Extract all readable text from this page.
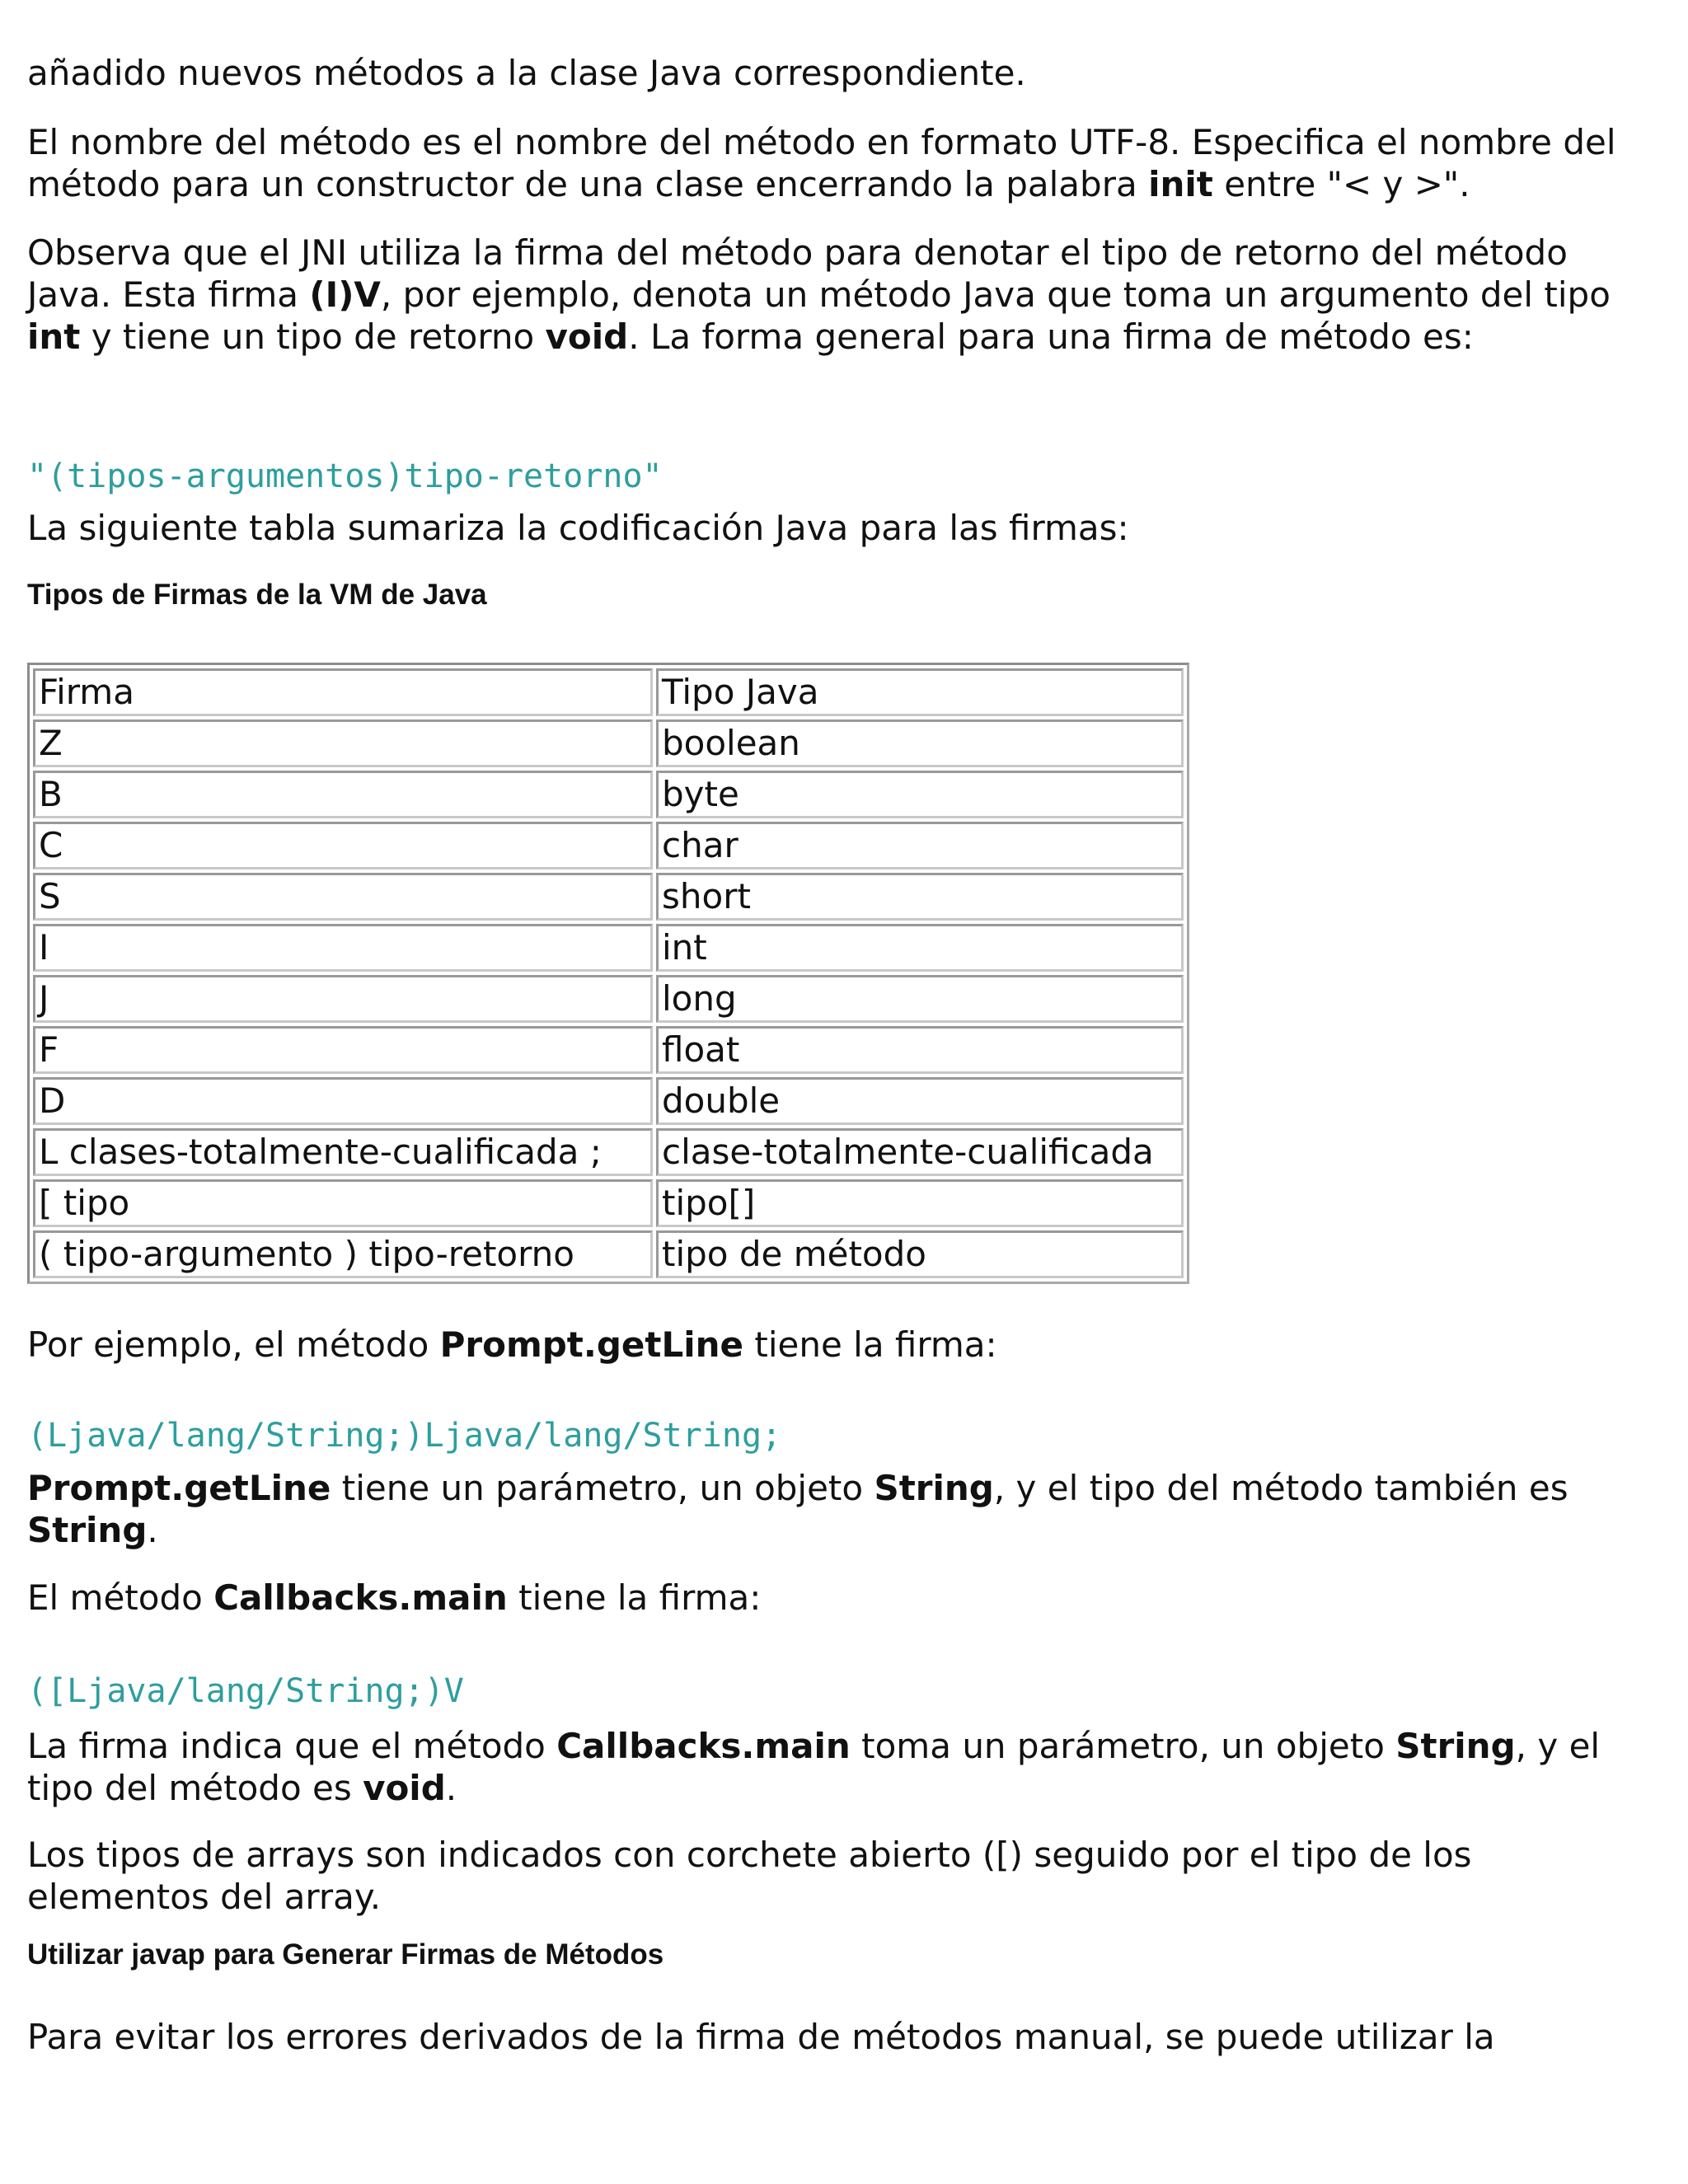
añadido nuevos métodos a la clase Java correspondiente.

El nombre del método es el nombre del método en formato UTF-8. Especifica el nombre del método para un constructor de una clase encerrando la palabra init entre "< y >".

Observa que el JNI utiliza la firma del método para denotar el tipo de retorno del método Java. Esta firma (I)V, por ejemplo, denota un método Java que toma un argumento del tipo int y tiene un tipo de retorno void. La forma general para una firma de método es:

"(tipos-argumentos)tipo-retorno"

La siguiente tabla sumariza la codificación Java para las firmas:

Tipos de Firmas de la VM de Java
Firma	Tipo Java
Z	boolean
B	byte
C	char
S	short
I	int
J	long
F	float
D	double
L clases-totalmente-cualificada ;	clase-totalmente-cualificada
[ tipo	tipo[]
( tipo-argumento ) tipo-retorno	tipo de método

Por ejemplo, el método Prompt.getLine tiene la firma:

(Ljava/lang/String;)Ljava/lang/String;

Prompt.getLine tiene un parámetro, un objeto String, y el tipo del método también es String.

El método Callbacks.main tiene la firma:

([Ljava/lang/String;)V

La firma indica que el método Callbacks.main toma un parámetro, un objeto String, y el tipo del método es void.

Los tipos de arrays son indicados con corchete abierto ([) seguido por el tipo de los elementos del array.

Utilizar javap para Generar Firmas de Métodos

Para evitar los errores derivados de la firma de métodos manual, se puede utilizar la
